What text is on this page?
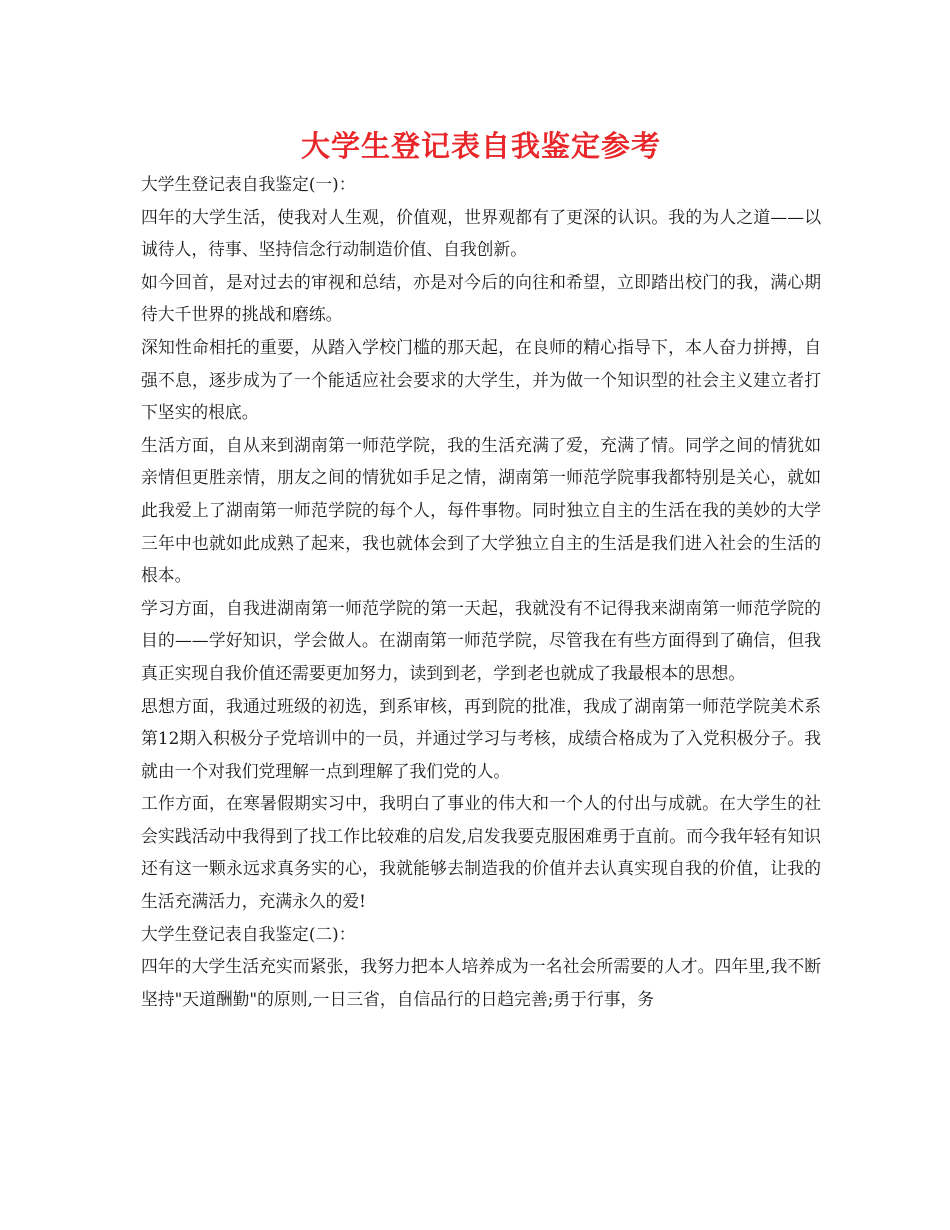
大学生登记表自我鉴定参考

大学生登记表自我鉴定(一)：

四年的大学生活，使我对人生观，价值观，世界观都有了更深的认识。我的为人之道——以诚待人，待事、坚持信念行动制造价值、自我创新。

如今回首，是对过去的审视和总结，亦是对今后的向往和希望，立即踏出校门的我，满心期待大千世界的挑战和磨练。

深知性命相托的重要，从踏入学校门槛的那天起，在良师的精心指导下，本人奋力拼搏，自强不息，逐步成为了一个能适应社会要求的大学生，并为做一个知识型的社会主义建立者打下坚实的根底。

生活方面，自从来到湖南第一师范学院，我的生活充满了爱，充满了情。同学之间的情犹如亲情但更胜亲情，朋友之间的情犹如手足之情，湖南第一师范学院事我都特别是关心，就如此我爱上了湖南第一师范学院的每个人，每件事物。同时独立自主的生活在我的美妙的大学三年中也就如此成熟了起来，我也就体会到了大学独立自主的生活是我们进入社会的生活的根本。

学习方面，自我进湖南第一师范学院的第一天起，我就没有不记得我来湖南第一师范学院的目的——学好知识，学会做人。在湖南第一师范学院，尽管我在有些方面得到了确信，但我真正实现自我价值还需要更加努力，读到到老，学到老也就成了我最根本的思想。

思想方面，我通过班级的初选，到系审核，再到院的批准，我成了湖南第一师范学院美术系第12期入积极分子党培训中的一员，并通过学习与考核，成绩合格成为了入党积极分子。我就由一个对我们党理解一点到理解了我们党的人。

工作方面，在寒暑假期实习中，我明白了事业的伟大和一个人的付出与成就。在大学生的社会实践活动中我得到了找工作比较难的启发,启发我要克服困难勇于直前。而今我年轻有知识还有这一颗永远求真务实的心，我就能够去制造我的价值并去认真实现自我的价值，让我的生活充满活力，充满永久的爱!

大学生登记表自我鉴定(二)：

四年的大学生活充实而紧张，我努力把本人培养成为一名社会所需要的人才。四年里,我不断坚持"天道酬勤"的原则,一日三省，自信品行的日趋完善;勇于行事，务
